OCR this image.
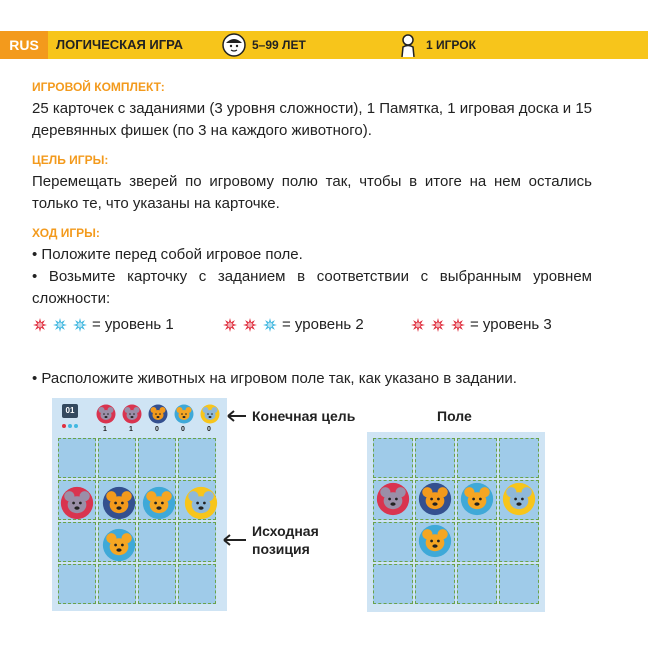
RUS	ЛОГИЧЕСКАЯ ИГРА	5–99 ЛЕТ	1 ИГРОК
ИГРОВОЙ КОМПЛЕКТ:
25 карточек с заданиями (3 уровня сложности), 1 Памятка, 1 игровая доска и 15 деревянных фишек (по 3 на каждого животного).
ЦЕЛЬ ИГРЫ:
Перемещать зверей по игровому полю так, чтобы в итоге на нем остались только те, что указаны на карточке.
ХОД ИГРЫ:
• Положите перед собой игровое поле.
• Возьмите карточку с заданием в соответствии с выбранным уровнем сложности:
= уровень 1	= уровень 2	= уровень 3
• Расположите животных на игровом поле так, как указано в задании.
01
1	1	0	0	0
Конечная цель
Исходная
позиция
Поле
